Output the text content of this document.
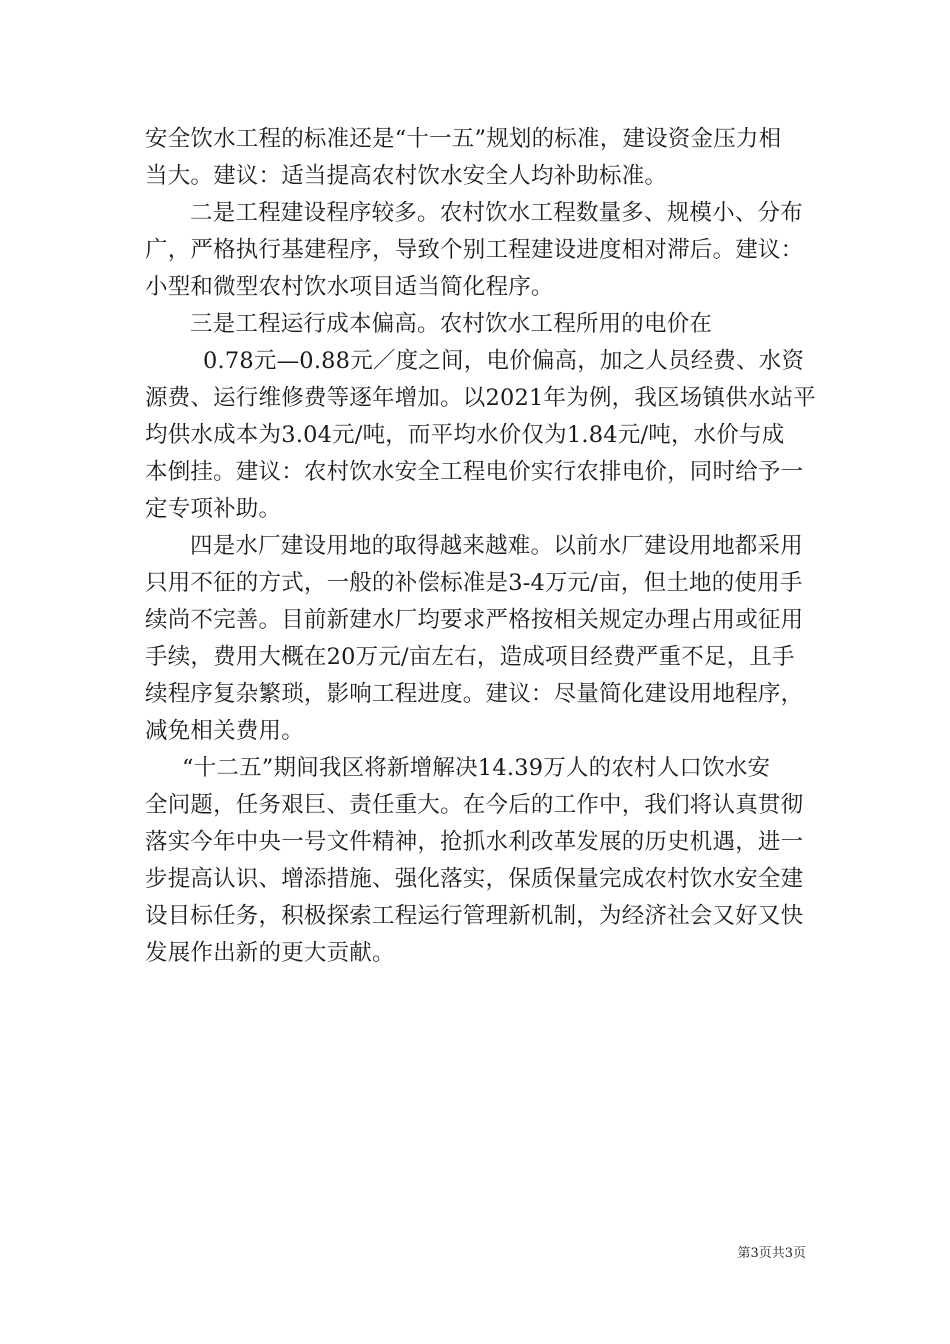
安全饮水工程的标准还是“十一五”规划的标准，建设资金压力相
当大。建议：适当提高农村饮水安全人均补助标准。
二是工程建设程序较多。农村饮水工程数量多、规模小、分布
广，严格执行基建程序，导致个别工程建设进度相对滞后。建议：
小型和微型农村饮水项目适当简化程序。
三是工程运行成本偏高。农村饮水工程所用的电价在
0.78元—0.88元／度之间，电价偏高，加之人员经费、水资
源费、运行维修费等逐年增加。以2021年为例，我区场镇供水站平
均供水成本为3.04元/吨，而平均水价仅为1.84元/吨，水价与成
本倒挂。建议：农村饮水安全工程电价实行农排电价，同时给予一
定专项补助。
四是水厂建设用地的取得越来越难。以前水厂建设用地都采用
只用不征的方式，一般的补偿标准是3-4万元/亩，但土地的使用手
续尚不完善。目前新建水厂均要求严格按相关规定办理占用或征用
手续，费用大概在20万元/亩左右，造成项目经费严重不足，且手
续程序复杂繁琐，影响工程进度。建议：尽量简化建设用地程序，
减免相关费用。
“十二五”期间我区将新增解决14.39万人的农村人口饮水安
全问题，任务艰巨、责任重大。在今后的工作中，我们将认真贯彻
落实今年中央一号文件精神，抢抓水利改革发展的历史机遇，进一
步提高认识、增添措施、强化落实，保质保量完成农村饮水安全建
设目标任务，积极探索工程运行管理新机制，为经济社会又好又快
发展作出新的更大贡献。
第3页共3页
